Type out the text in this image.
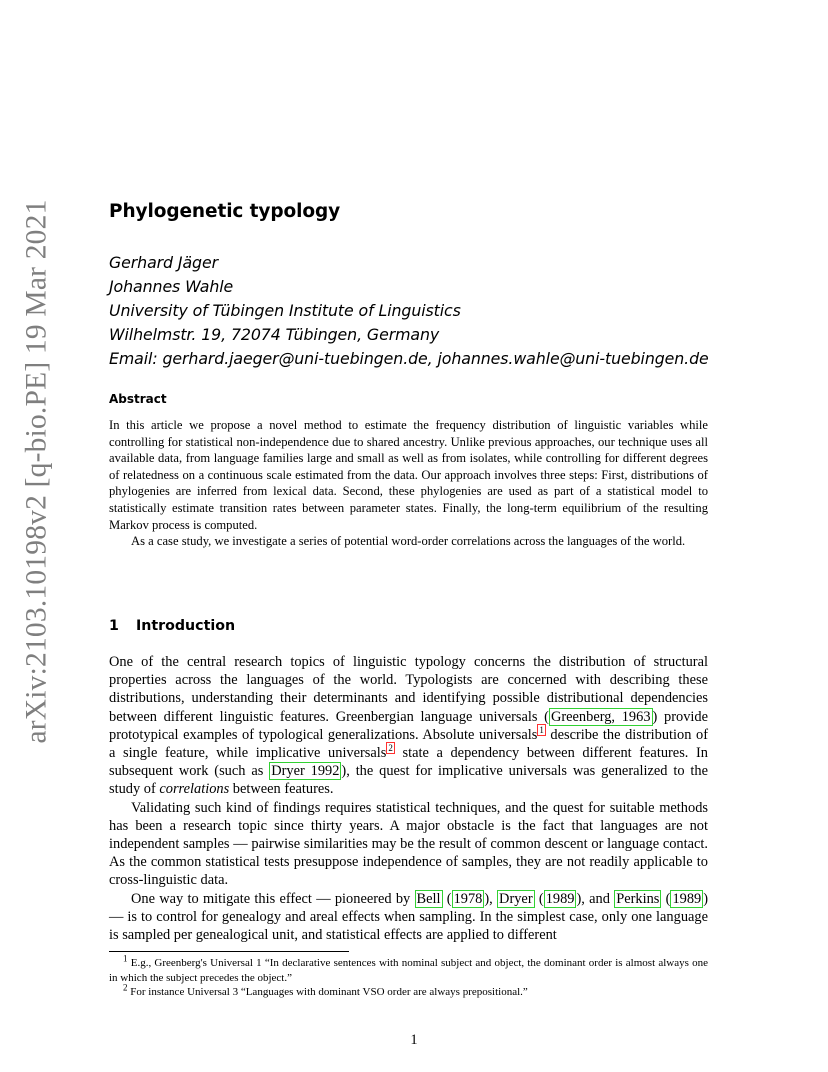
arXiv:2103.10198v2 [q-bio.PE] 19 Mar 2021	Phylogenetic typology
Gerhard Jäger
Johannes Wahle
University of Tübingen Institute of Linguistics
Wilhelmstr. 19, 72074 Tübingen, Germany
Email: gerhard.jaeger@uni-tuebingen.de, johannes.wahle@uni-tuebingen.de
Abstract

In this article we propose a novel method to estimate the frequency distribution of linguistic variables while controlling for statistical non-independence due to shared ancestry. Unlike previous approaches, our technique uses all available data, from language families large and small as well as from isolates, while controlling for different degrees of relatedness on a continuous scale estimated from the data. Our approach involves three steps: First, distributions of phylogenies are inferred from lexical data. Second, these phylogenies are used as part of a statistical model to statistically estimate transition rates between parameter states. Finally, the long-term equilibrium of the resulting Markov process is computed.

As a case study, we investigate a series of potential word-order correlations across the languages of the world.

1 Introduction

One of the central research topics of linguistic typology concerns the distribution of structural properties across the languages of the world. Typologists are concerned with describing these distributions, understanding their determinants and identifying possible distributional dependencies between different linguistic features. Greenbergian language universals ( Greenberg, 1963 ) provide prototypical examples of typological generalizations. Absolute universals $^1$ describe the distribution of a single feature, while implicative universals $^2$ state a dependency between different features. In subsequent work (such as Dryer 1992 ), the quest for implicative universals was generalized to the study of correlations between features.

Validating such kind of findings requires statistical techniques, and the quest for suitable methods has been a research topic since thirty years. A major obstacle is the fact that languages are not independent samples — pairwise similarities may be the result of common descent or language contact. As the common statistical tests presuppose independence of samples, they are not readily applicable to cross-linguistic data.

One way to mitigate this effect — pioneered by Bell ( 1978 ), Dryer ( 1989 ), and Perkins ( 1989 ) — is to control for genealogy and areal effects when sampling. In the simplest case, only one language is sampled per genealogical unit, and statistical effects are applied to different

$^1$ E.g., Greenberg's Universal 1 “In declarative sentences with nominal subject and object, the dominant order is almost always one in which the subject precedes the object.”

$^2$ For instance Universal 3 “Languages with dominant VSO order are always prepositional.”

1
